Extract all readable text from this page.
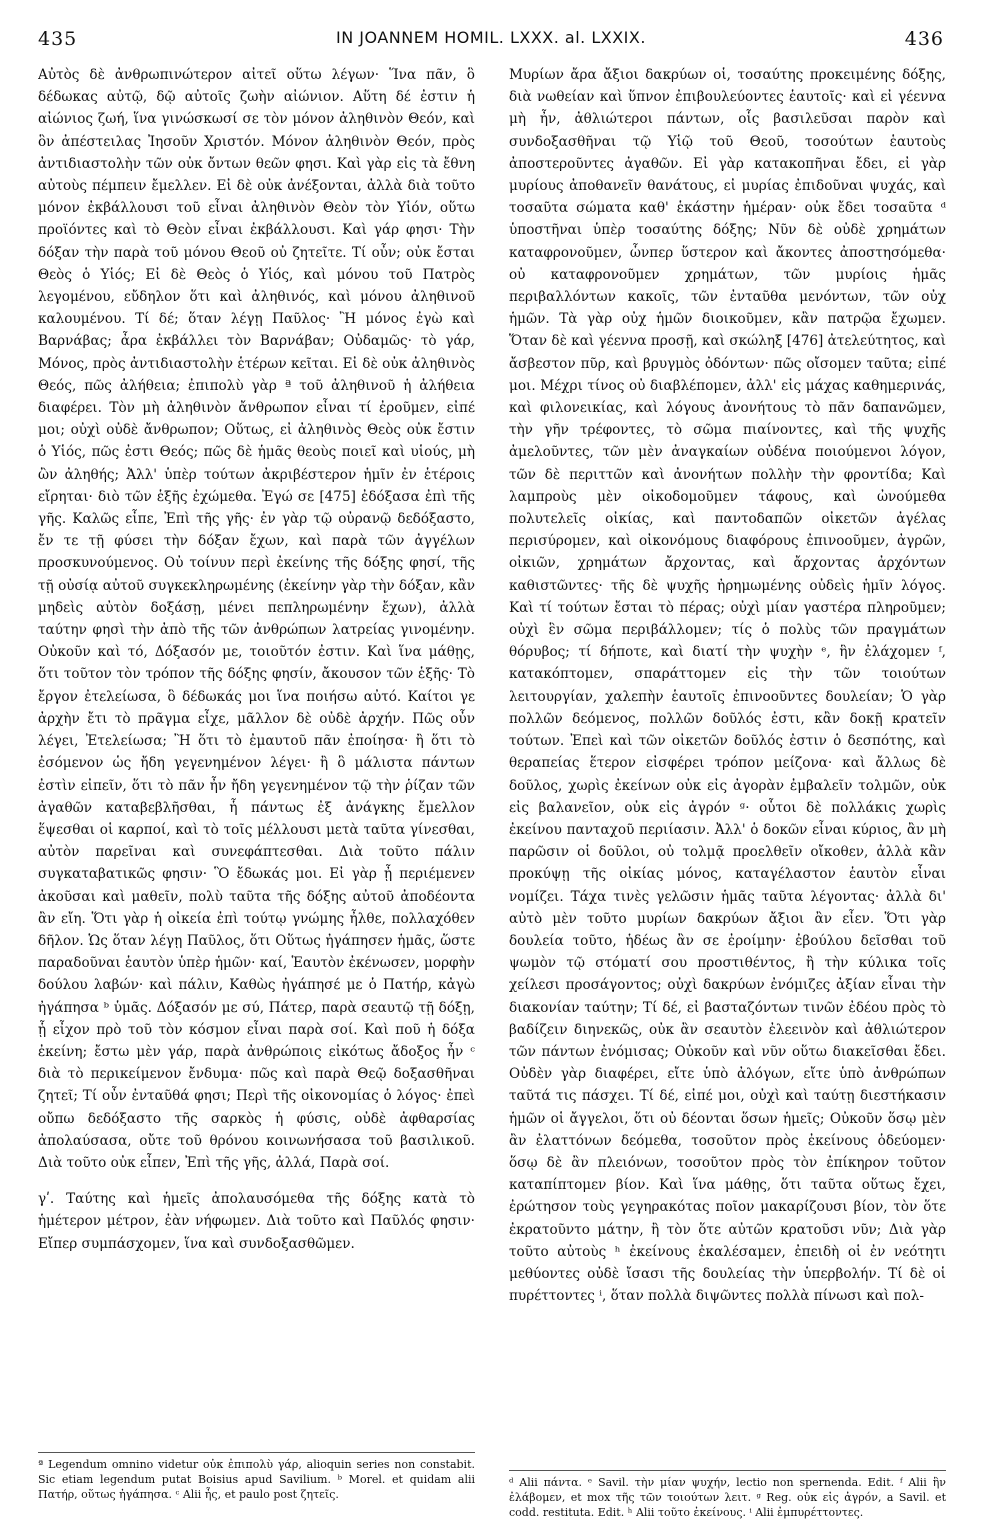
435	IN JOANNEM HOMIL. LXXX. al. LXXIX.	436

Αὐτὸς δὲ ἀνθρωπινώτερον αἰτεῖ οὕτω λέγων· Ἵνα πᾶν, ὃ δέδωκας αὐτῷ, δῷ αὐτοῖς ζωὴν αἰώνιον. Αὕτη δέ ἐστιν ἡ αἰώνιος ζωή, ἵνα γινώσκωσί σε τὸν μόνον ἀληθινὸν Θεόν, καὶ ὃν ἀπέστειλας Ἰησοῦν Χριστόν. Μόνον ἀληθινὸν Θεόν, πρὸς ἀντιδιαστολὴν τῶν οὐκ ὄντων θεῶν φησι. Καὶ γὰρ εἰς τὰ ἔθνη αὐτοὺς πέμπειν ἔμελλεν. Εἰ δὲ οὐκ ἀνέξονται, ἀλλὰ διὰ τοῦτο μόνον ἐκβάλλουσι τοῦ εἶναι ἀληθινὸν Θεὸν τὸν Υἱόν, οὕτω προϊόντες καὶ τὸ Θεὸν εἶναι ἐκβάλλουσι. Καὶ γάρ φησι· Τὴν δόξαν τὴν παρὰ τοῦ μόνου Θεοῦ οὐ ζητεῖτε. Τί οὖν; οὐκ ἔσται Θεὸς ὁ Υἱός; Εἰ δὲ Θεὸς ὁ Υἱός, καὶ μόνου τοῦ Πατρὸς λεγομένου, εὔδηλον ὅτι καὶ ἀληθινός, καὶ μόνου ἀληθινοῦ καλουμένου. Τί δέ; ὅταν λέγῃ Παῦλος· Ἢ μόνος ἐγὼ καὶ Βαρνάβας; ἆρα ἐκβάλλει τὸν Βαρνάβαν; Οὐδαμῶς· τὸ γάρ, Μόνος, πρὸς ἀντιδιαστολὴν ἑτέρων κεῖται. Εἰ δὲ οὐκ ἀληθινὸς Θεός, πῶς ἀλήθεια; ἐπιπολὺ γὰρ ª τοῦ ἀληθινοῦ ἡ ἀλήθεια διαφέρει. Τὸν μὴ ἀληθινὸν ἄνθρωπον εἶναι τί ἐροῦμεν, εἰπέ μοι; οὐχὶ οὐδὲ ἄνθρωπον; Οὕτως, εἰ ἀληθινὸς Θεὸς οὐκ ἔστιν ὁ Υἱός, πῶς ἐστι Θεός; πῶς δὲ ἡμᾶς θεοὺς ποιεῖ καὶ υἱούς, μὴ ὢν ἀληθής; Ἀλλ' ὑπὲρ τούτων ἀκριβέστερον ἡμῖν ἐν ἑτέροις εἴρηται· διὸ τῶν ἑξῆς ἐχώμεθα. Ἐγώ σε [475] ἐδόξασα ἐπὶ τῆς γῆς. Καλῶς εἶπε, Ἐπὶ τῆς γῆς· ἐν γὰρ τῷ οὐρανῷ δεδόξαστο, ἔν τε τῇ φύσει τὴν δόξαν ἔχων, καὶ παρὰ τῶν ἀγγέλων προσκυνούμενος. Οὐ τοίνυν περὶ ἐκείνης τῆς δόξης φησί, τῆς τῇ οὐσίᾳ αὐτοῦ συγκεκληρωμένης (ἐκείνην γὰρ τὴν δόξαν, κἂν μηδεὶς αὐτὸν δοξάσῃ, μένει πεπληρωμένην ἔχων), ἀλλὰ ταύτην φησὶ τὴν ἀπὸ τῆς τῶν ἀνθρώπων λατρείας γινομένην. Οὐκοῦν καὶ τό, Δόξασόν με, τοιοῦτόν ἐστιν. Καὶ ἵνα μάθῃς, ὅτι τοῦτον τὸν τρόπον τῆς δόξης φησίν, ἄκουσον τῶν ἑξῆς· Τὸ ἔργον ἐτελείωσα, ὃ δέδωκάς μοι ἵνα ποιήσω αὐτό. Καίτοι γε ἀρχὴν ἔτι τὸ πρᾶγμα εἶχε, μᾶλλον δὲ οὐδὲ ἀρχήν. Πῶς οὖν λέγει, Ἐτελείωσα; Ἢ ὅτι τὸ ἐμαυτοῦ πᾶν ἐποίησα· ἢ ὅτι τὸ ἐσόμενον ὡς ἤδη γεγενημένον λέγει· ἢ ὃ μάλιστα πάντων ἐστὶν εἰπεῖν, ὅτι τὸ πᾶν ἦν ἤδη γεγενημένον τῷ τὴν ῥίζαν τῶν ἀγαθῶν καταβεβλῆσθαι, ἧ πάντως ἐξ ἀνάγκης ἔμελλον ἕψεσθαι οἱ καρποί, καὶ τὸ τοῖς μέλλουσι μετὰ ταῦτα γίνεσθαι, αὐτὸν παρεῖναι καὶ συνεφάπτεσθαι. Διὰ τοῦτο πάλιν συγκαταβατικῶς φησιν· Ὃ ἔδωκάς μοι. Εἰ γὰρ ᾖ περιέμενεν ἀκοῦσαι καὶ μαθεῖν, πολὺ ταῦτα τῆς δόξης αὐτοῦ ἀποδέοντα ἂν εἴη. Ὅτι γὰρ ἡ οἰκεία ἐπὶ τούτῳ γνώμης ἦλθε, πολλαχόθεν δῆλον. Ὡς ὅταν λέγῃ Παῦλος, ὅτι Οὕτως ἠγάπησεν ἡμᾶς, ὥστε παραδοῦναι ἑαυτὸν ὑπὲρ ἡμῶν· καί, Ἑαυτὸν ἐκένωσεν, μορφὴν δούλου λαβών· καὶ πάλιν, Καθὼς ἠγάπησέ με ὁ Πατήρ, κἀγὼ ἠγάπησα ᵇ ὑμᾶς. Δόξασόν με σύ, Πάτερ, παρὰ σεαυτῷ τῇ δόξῃ, ᾗ εἶχον πρὸ τοῦ τὸν κόσμον εἶναι παρὰ σοί. Καὶ ποῦ ἡ δόξα ἐκείνη; ἔστω μὲν γάρ, παρὰ ἀνθρώποις εἰκότως ἄδοξος ἦν ᶜ διὰ τὸ περικείμενον ἔνδυμα· πῶς καὶ παρὰ Θεῷ δοξασθῆναι ζητεῖ; Τί οὖν ἐνταῦθά φησι; Περὶ τῆς οἰκονομίας ὁ λόγος· ἐπεὶ οὔπω δεδόξαστο τῆς σαρκὸς ἡ φύσις, οὐδὲ ἀφθαρσίας ἀπολαύσασα, οὔτε τοῦ θρόνου κοινωνήσασα τοῦ βασιλικοῦ. Διὰ τοῦτο οὐκ εἶπεν, Ἐπὶ τῆς γῆς, ἀλλά, Παρὰ σοί.

γʹ. Ταύτης καὶ ἡμεῖς ἀπολαυσόμεθα τῆς δόξης κατὰ τὸ ἡμέτερον μέτρον, ἐὰν νήφωμεν. Διὰ τοῦτο καὶ Παῦλός φησιν· Εἴπερ συμπάσχομεν, ἵνα καὶ συνδοξασθῶμεν.

ª Legendum omnino videtur οὐκ ἐπιπολὺ γάρ, alioquin series non constabit. Sic etiam legendum putat Boisius apud Savilium. ᵇ Morel. et quidam alii Πατήρ, οὕτως ἠγάπησα. ᶜ Alii ἦς, et paulo post ζητεῖς.

Μυρίων ἄρα ἄξιοι δακρύων οἱ, τοσαύτης προκειμένης δόξης, διὰ νωθείαν καὶ ὕπνον ἐπιβουλεύοντες ἑαυτοῖς· καὶ εἰ γέεννα μὴ ἦν, ἀθλιώτεροι πάντων, οἷς βασιλεῦσαι παρὸν καὶ συνδοξασθῆναι τῷ Υἱῷ τοῦ Θεοῦ, τοσούτων ἑαυτοὺς ἀποστεροῦντες ἀγαθῶν. Εἰ γὰρ κατακοπῆναι ἔδει, εἰ γὰρ μυρίους ἀποθανεῖν θανάτους, εἰ μυρίας ἐπιδοῦναι ψυχάς, καὶ τοσαῦτα σώματα καθ' ἑκάστην ἡμέραν· οὐκ ἔδει τοσαῦτα ᵈ ὑποστῆναι ὑπὲρ τοσαύτης δόξης; Νῦν δὲ οὐδὲ χρημάτων καταφρονοῦμεν, ὧνπερ ὕστερον καὶ ἄκοντες ἀποστησόμεθα· οὐ καταφρονοῦμεν χρημάτων, τῶν μυρίοις ἡμᾶς περιβαλλόντων κακοῖς, τῶν ἐνταῦθα μενόντων, τῶν οὐχ ἡμῶν. Τὰ γὰρ οὐχ ἡμῶν διοικοῦμεν, κἂν πατρῷα ἔχωμεν. Ὅταν δὲ καὶ γέεννα προσῇ, καὶ σκώληξ [476] ἀτελεύτητος, καὶ ἄσβεστον πῦρ, καὶ βρυγμὸς ὀδόντων· πῶς οἴσομεν ταῦτα; εἰπέ μοι. Μέχρι τίνος οὐ διαβλέπομεν, ἀλλ' εἰς μάχας καθημερινάς, καὶ φιλονεικίας, καὶ λόγους ἀνονήτους τὸ πᾶν δαπανῶμεν, τὴν γῆν τρέφοντες, τὸ σῶμα πιαίνοντες, καὶ τῆς ψυχῆς ἀμελοῦντες, τῶν μὲν ἀναγκαίων οὐδένα ποιούμενοι λόγον, τῶν δὲ περιττῶν καὶ ἀνονήτων πολλὴν τὴν φροντίδα; Καὶ λαμπροὺς μὲν οἰκοδομοῦμεν τάφους, καὶ ὠνούμεθα πολυτελεῖς οἰκίας, καὶ παντοδαπῶν οἰκετῶν ἀγέλας περισύρομεν, καὶ οἰκονόμους διαφόρους ἐπινοοῦμεν, ἀγρῶν, οἰκιῶν, χρημάτων ἄρχοντας, καὶ ἄρχοντας ἀρχόντων καθιστῶντες· τῆς δὲ ψυχῆς ἠρημωμένης οὐδεὶς ἡμῖν λόγος. Καὶ τί τούτων ἔσται τὸ πέρας; οὐχὶ μίαν γαστέρα πληροῦμεν; οὐχὶ ἓν σῶμα περιβάλλομεν; τίς ὁ πολὺς τῶν πραγμάτων θόρυβος; τί δήποτε, καὶ διατί τὴν ψυχὴν ᵉ, ἣν ἐλάχομεν ᶠ, κατακόπτομεν, σπαράττομεν εἰς τὴν τῶν τοιούτων λειτουργίαν, χαλεπὴν ἑαυτοῖς ἐπινοοῦντες δουλείαν; Ὁ γὰρ πολλῶν δεόμενος, πολλῶν δοῦλός ἐστι, κἂν δοκῇ κρατεῖν τούτων. Ἐπεὶ καὶ τῶν οἰκετῶν δοῦλός ἐστιν ὁ δεσπότης, καὶ θεραπείας ἕτερον εἰσφέρει τρόπον μείζονα· καὶ ἄλλως δὲ δοῦλος, χωρὶς ἐκείνων οὐκ εἰς ἀγορὰν ἐμβαλεῖν τολμῶν, οὐκ εἰς βαλανεῖον, οὐκ εἰς ἀγρόν ᵍ· οὗτοι δὲ πολλάκις χωρὶς ἐκείνου πανταχοῦ περιίασιν. Ἀλλ' ὁ δοκῶν εἶναι κύριος, ἂν μὴ παρῶσιν οἱ δοῦλοι, οὐ τολμᾷ προελθεῖν οἴκοθεν, ἀλλὰ κἂν προκύψῃ τῆς οἰκίας μόνος, καταγέλαστον ἑαυτὸν εἶναι νομίζει. Τάχα τινὲς γελῶσιν ἡμᾶς ταῦτα λέγοντας· ἀλλὰ δι' αὐτὸ μὲν τοῦτο μυρίων δακρύων ἄξιοι ἂν εἶεν. Ὅτι γὰρ δουλεία τοῦτο, ἡδέως ἂν σε ἐροίμην· ἐβούλου δεῖσθαι τοῦ ψωμὸν τῷ στόματί σου προστιθέντος, ἢ τὴν κύλικα τοῖς χείλεσι προσάγοντος; οὐχὶ δακρύων ἐνόμιζες ἀξίαν εἶναι τὴν διακονίαν ταύτην; Τί δέ, εἰ βασταζόντων τινῶν ἐδέου πρὸς τὸ βαδίζειν διηνεκῶς, οὐκ ἂν σεαυτὸν ἐλεεινὸν καὶ ἀθλιώτερον τῶν πάντων ἐνόμισας; Οὐκοῦν καὶ νῦν οὕτω διακεῖσθαι ἔδει. Οὐδὲν γὰρ διαφέρει, εἴτε ὑπὸ ἀλόγων, εἴτε ὑπὸ ἀνθρώπων ταῦτά τις πάσχει. Τί δέ, εἰπέ μοι, οὐχὶ καὶ ταύτῃ διεστήκασιν ἡμῶν οἱ ἄγγελοι, ὅτι οὐ δέονται ὅσων ἡμεῖς; Οὐκοῦν ὅσῳ μὲν ἂν ἐλαττόνων δεόμεθα, τοσοῦτον πρὸς ἐκείνους ὁδεύομεν· ὅσῳ δὲ ἂν πλειόνων, τοσοῦτον πρὸς τὸν ἐπίκηρον τοῦτον καταπίπτομεν βίον. Καὶ ἵνα μάθῃς, ὅτι ταῦτα οὕτως ἔχει, ἐρώτησον τοὺς γεγηρακότας ποῖον μακαρίζουσι βίον, τὸν ὅτε ἐκρατοῦντο μάτην, ἢ τὸν ὅτε αὐτῶν κρατοῦσι νῦν; Διὰ γὰρ τοῦτο αὐτοὺς ʰ ἐκείνους ἐκαλέσαμεν, ἐπειδὴ οἱ ἐν νεότητι μεθύοντες οὐδὲ ἴσασι τῆς δουλείας τὴν ὑπερβολήν. Τί δὲ οἱ πυρέττοντες ⁱ, ὅταν πολλὰ διψῶντες πολλὰ πίνωσι καὶ πολ-

ᵈ Alii πάντα. ᵉ Savil. τὴν μίαν ψυχήν, lectio non spernenda. Edit. ᶠ Alii ἣν ἐλάβομεν, et mox τῆς τῶν τοιούτων λειτ. ᵍ Reg. οὐκ εἰς ἀγρόν, a Savil. et codd. restituta. Edit. ʰ Alii τοῦτο ἐκείνους. ⁱ Alii ἐμπυρέττοντες.
